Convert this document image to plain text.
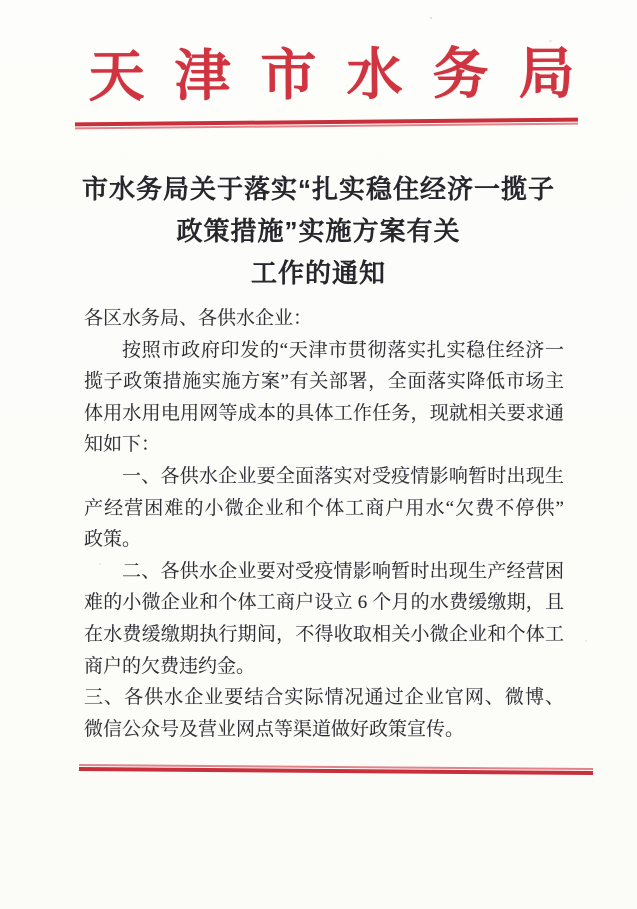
天津市水务局
市水务局关于落实“扎实稳住经济一揽子
政策措施”实施方案有关
工作的通知
各区水务局、各供水企业：
按照市政府印发的“天津市贯彻落实扎实稳住经济一
揽子政策措施实施方案”有关部署，全面落实降低市场主
体用水用电用网等成本的具体工作任务，现就相关要求通
知如下：
一、各供水企业要全面落实对受疫情影响暂时出现生
产经营困难的小微企业和个体工商户用水“欠费不停供”
政策。
二、各供水企业要对受疫情影响暂时出现生产经营困
难的小微企业和个体工商户设立 6 个月的水费缓缴期，且
在水费缓缴期执行期间，不得收取相关小微企业和个体工
商户的欠费违约金。
三、各供水企业要结合实际情况通过企业官网、微博、
微信公众号及营业网点等渠道做好政策宣传。
